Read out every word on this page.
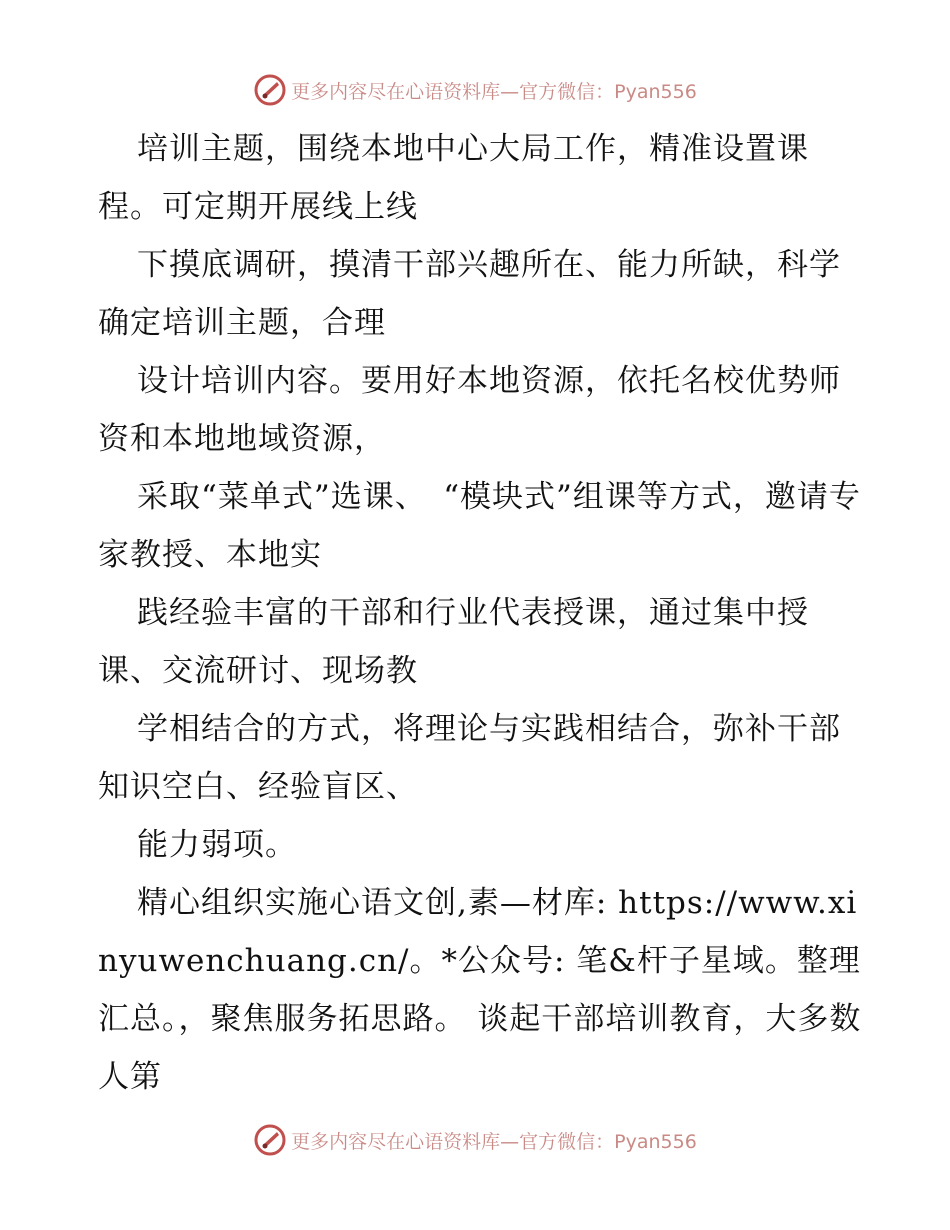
更多内容尽在心语资料库—官方微信：Pyan556

培训主题，围绕本地中心大局工作，精准设置课程。可定期开展线上线

下摸底调研，摸清干部兴趣所在、能力所缺，科学确定培训主题，合理

设计培训内容。要用好本地资源，依托名校优势师资和本地地域资源，

采取“菜单式”选课、　“模块式”组课等方式，邀请专家教授、本地实

践经验丰富的干部和行业代表授课，通过集中授课、交流研讨、现场教

学相结合的方式，将理论与实践相结合，弥补干部知识空白、经验盲区、

能力弱项。

精心组织实施心语文创,素—材库: https://www.xinyuwenchuang.cn/。*公众号: 笔&杆子星域。整理汇总。，聚焦服务拓思路。 谈起干部培训教育，大多数人第

更多内容尽在心语资料库—官方微信：Pyan556
